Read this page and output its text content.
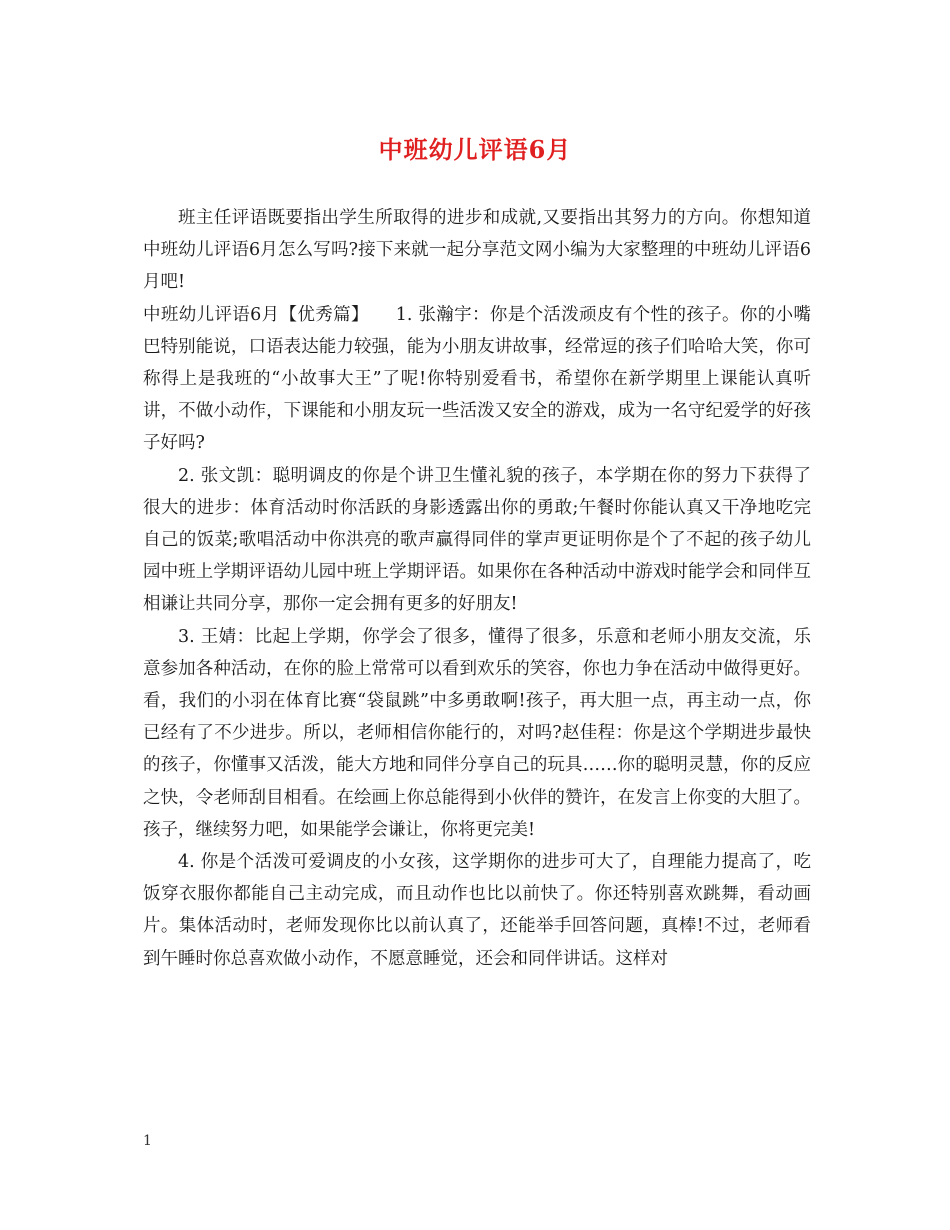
中班幼儿评语6月

班主任评语既要指出学生所取得的进步和成就,又要指出其努力的方向。你想知道中班幼儿评语6月怎么写吗?接下来就一起分享范文网小编为大家整理的中班幼儿评语6月吧!

中班幼儿评语6月【优秀篇】　　1. 张瀚宇：你是个活泼顽皮有个性的孩子。你的小嘴巴特别能说，口语表达能力较强，能为小朋友讲故事，经常逗的孩子们哈哈大笑，你可称得上是我班的“小故事大王”了呢!你特别爱看书，希望你在新学期里上课能认真听讲，不做小动作，下课能和小朋友玩一些活泼又安全的游戏，成为一名守纪爱学的好孩子好吗?

2. 张文凯：聪明调皮的你是个讲卫生懂礼貌的孩子，本学期在你的努力下获得了很大的进步：体育活动时你活跃的身影透露出你的勇敢;午餐时你能认真又干净地吃完自己的饭菜;歌唱活动中你洪亮的歌声赢得同伴的掌声更证明你是个了不起的孩子幼儿园中班上学期评语幼儿园中班上学期评语。如果你在各种活动中游戏时能学会和同伴互相谦让共同分享，那你一定会拥有更多的好朋友!

3. 王婧：比起上学期，你学会了很多，懂得了很多，乐意和老师小朋友交流，乐意参加各种活动，在你的脸上常常可以看到欢乐的笑容，你也力争在活动中做得更好。看，我们的小羽在体育比赛“袋鼠跳”中多勇敢啊!孩子，再大胆一点，再主动一点，你已经有了不少进步。所以，老师相信你能行的，对吗?赵佳程：你是这个学期进步最快的孩子，你懂事又活泼，能大方地和同伴分享自己的玩具……你的聪明灵慧，你的反应之快，令老师刮目相看。在绘画上你总能得到小伙伴的赞许，在发言上你变的大胆了。孩子，继续努力吧，如果能学会谦让，你将更完美!

4. 你是个活泼可爱调皮的小女孩，这学期你的进步可大了，自理能力提高了，吃饭穿衣服你都能自己主动完成，而且动作也比以前快了。你还特别喜欢跳舞，看动画片。集体活动时，老师发现你比以前认真了，还能举手回答问题，真棒!不过，老师看到午睡时你总喜欢做小动作，不愿意睡觉，还会和同伴讲话。这样对

1
